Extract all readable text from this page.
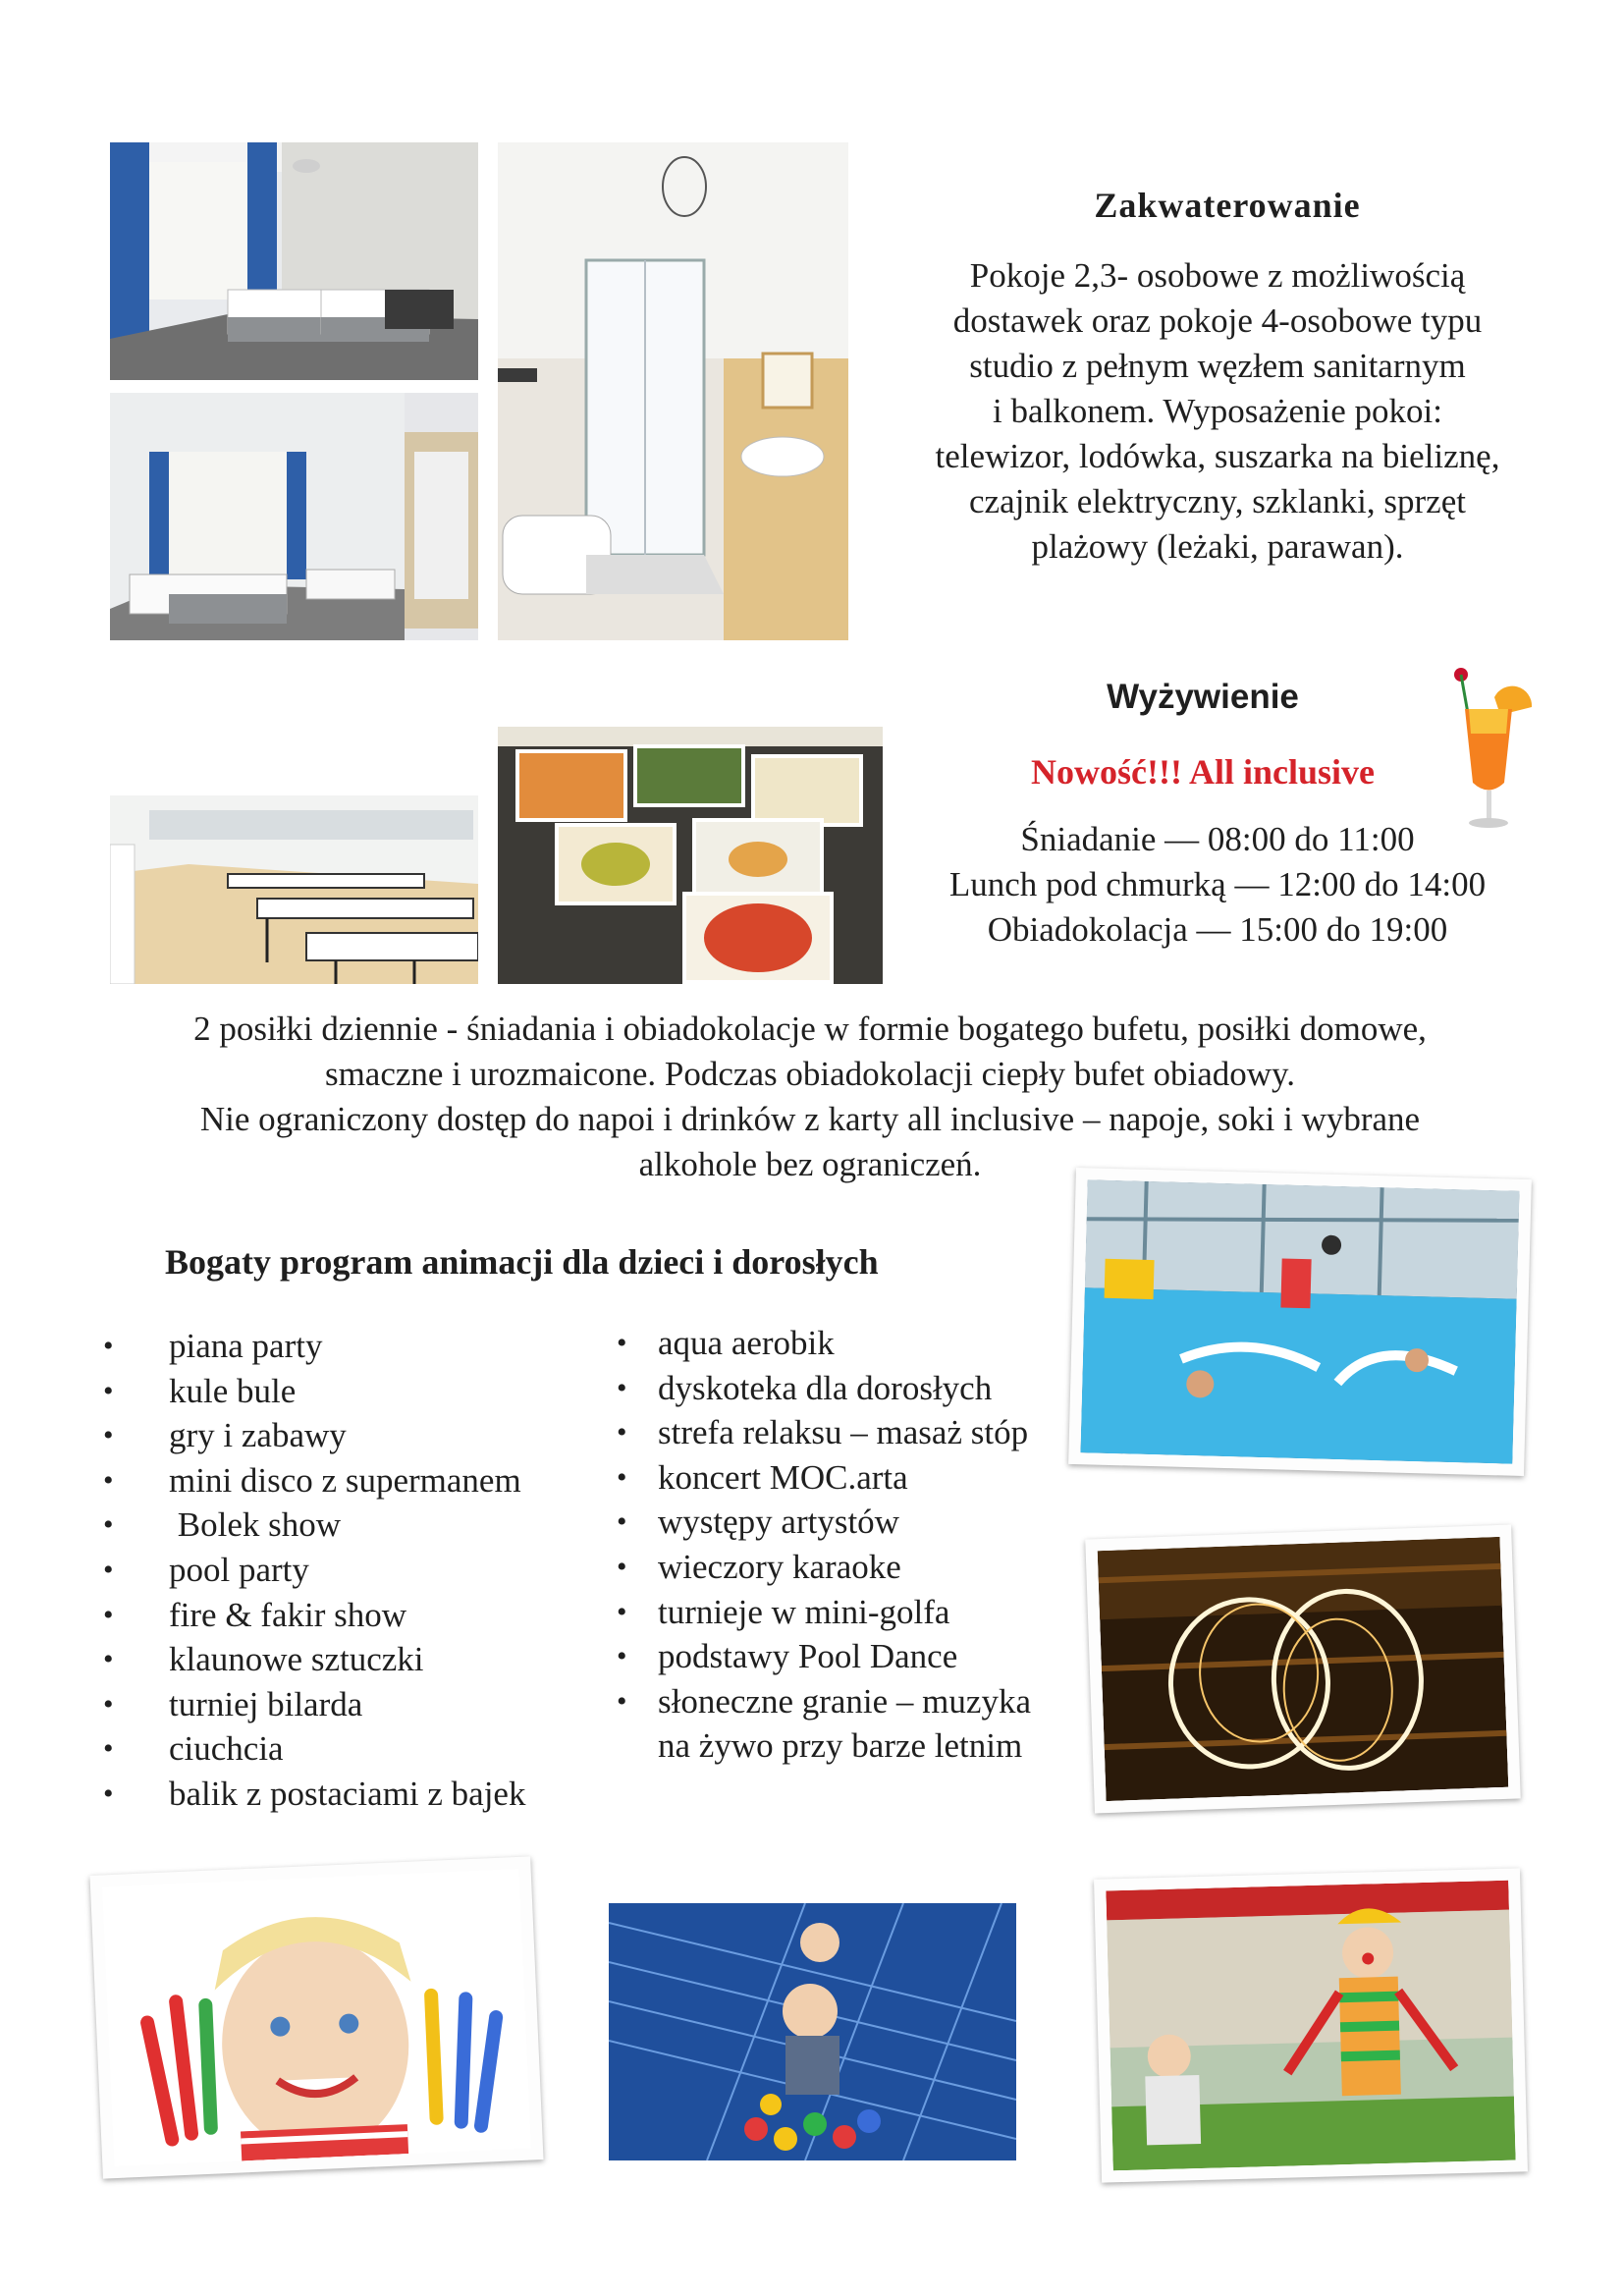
Zakwaterowanie
Pokoje 2,3- osobowe z możliwością
dostawek oraz pokoje 4-osobowe typu
studio z pełnym węzłem sanitarnym
i balkonem. Wyposażenie pokoi:
telewizor, lodówka, suszarka na bieliznę,
czajnik elektryczny, szklanki, sprzęt
plażowy (leżaki, parawan).
Wyżywienie
Nowość!!! All inclusive
Śniadanie — 08:00 do 11:00
Lunch pod chmurką — 12:00 do 14:00
Obiadokolacja — 15:00 do 19:00
2 posiłki dziennie - śniadania i obiadokolacje w formie bogatego bufetu, posiłki domowe,
smaczne i urozmaicone. Podczas obiadokolacji ciepły bufet obiadowy.
Nie ograniczony dostęp do napoi i drinków z karty all inclusive – napoje, soki i wybrane
alkohole bez ograniczeń.
Bogaty program animacji dla dzieci i dorosłych
• piana party
• kule bule
• gry i zabawy
• mini disco z supermanem
•  Bolek show
• pool party
• fire & fakir show
• klaunowe sztuczki
• turniej bilarda
• ciuchcia
• balik z postaciami z bajek
• aqua aerobik
• dyskoteka dla dorosłych
• strefa relaksu – masaż stóp
• koncert MOC.arta
• występy artystów
• wieczory karaoke
• turnieje w mini-golfa
• podstawy Pool Dance
• słoneczne granie – muzyka
na żywo przy barze letnim
